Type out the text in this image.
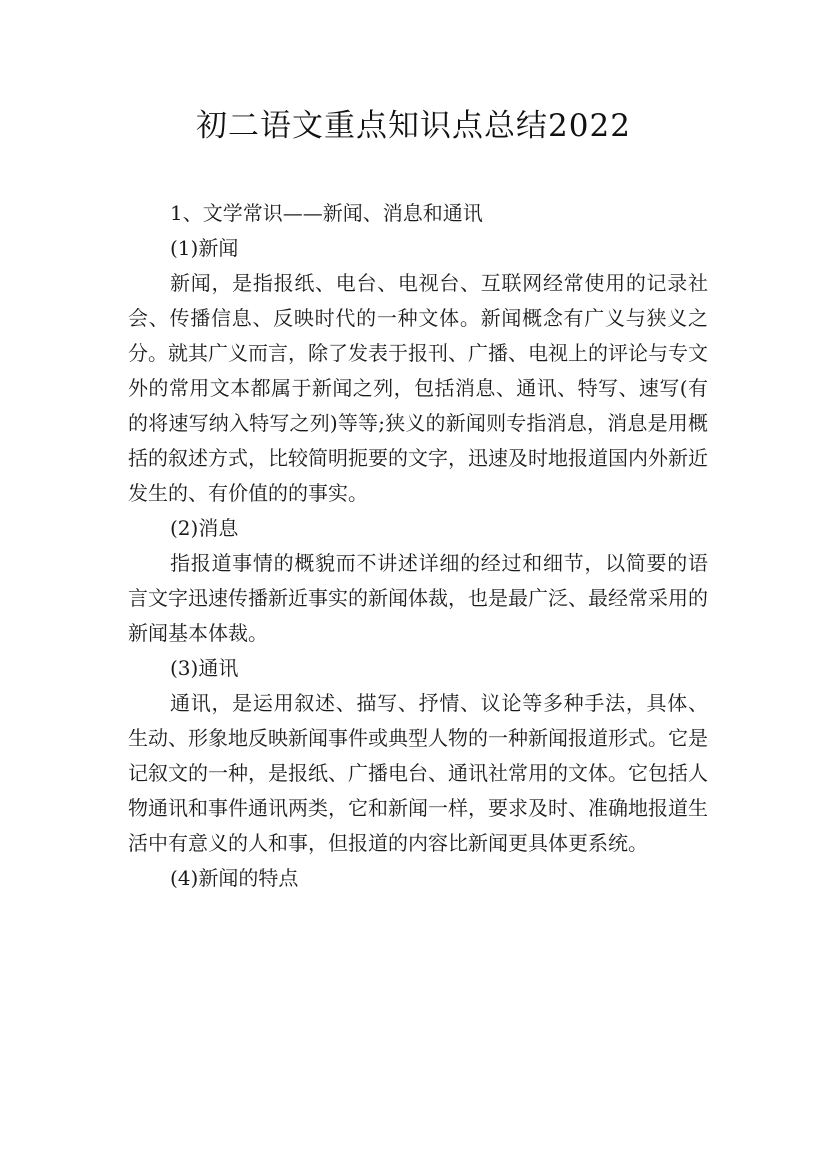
初二语文重点知识点总结2022

1、文学常识——新闻、消息和通讯

(1)新闻

新闻，是指报纸、电台、电视台、互联网经常使用的记录社会、传播信息、反映时代的一种文体。新闻概念有广义与狭义之分。就其广义而言，除了发表于报刊、广播、电视上的评论与专文外的常用文本都属于新闻之列，包括消息、通讯、特写、速写(有的将速写纳入特写之列)等等;狭义的新闻则专指消息，消息是用概括的叙述方式，比较简明扼要的文字，迅速及时地报道国内外新近发生的、有价值的的事实。

(2)消息

指报道事情的概貌而不讲述详细的经过和细节，以简要的语言文字迅速传播新近事实的新闻体裁，也是最广泛、最经常采用的新闻基本体裁。

(3)通讯

通讯，是运用叙述、描写、抒情、议论等多种手法，具体、生动、形象地反映新闻事件或典型人物的一种新闻报道形式。它是记叙文的一种，是报纸、广播电台、通讯社常用的文体。它包括人物通讯和事件通讯两类，它和新闻一样，要求及时、准确地报道生活中有意义的人和事，但报道的内容比新闻更具体更系统。

(4)新闻的特点
